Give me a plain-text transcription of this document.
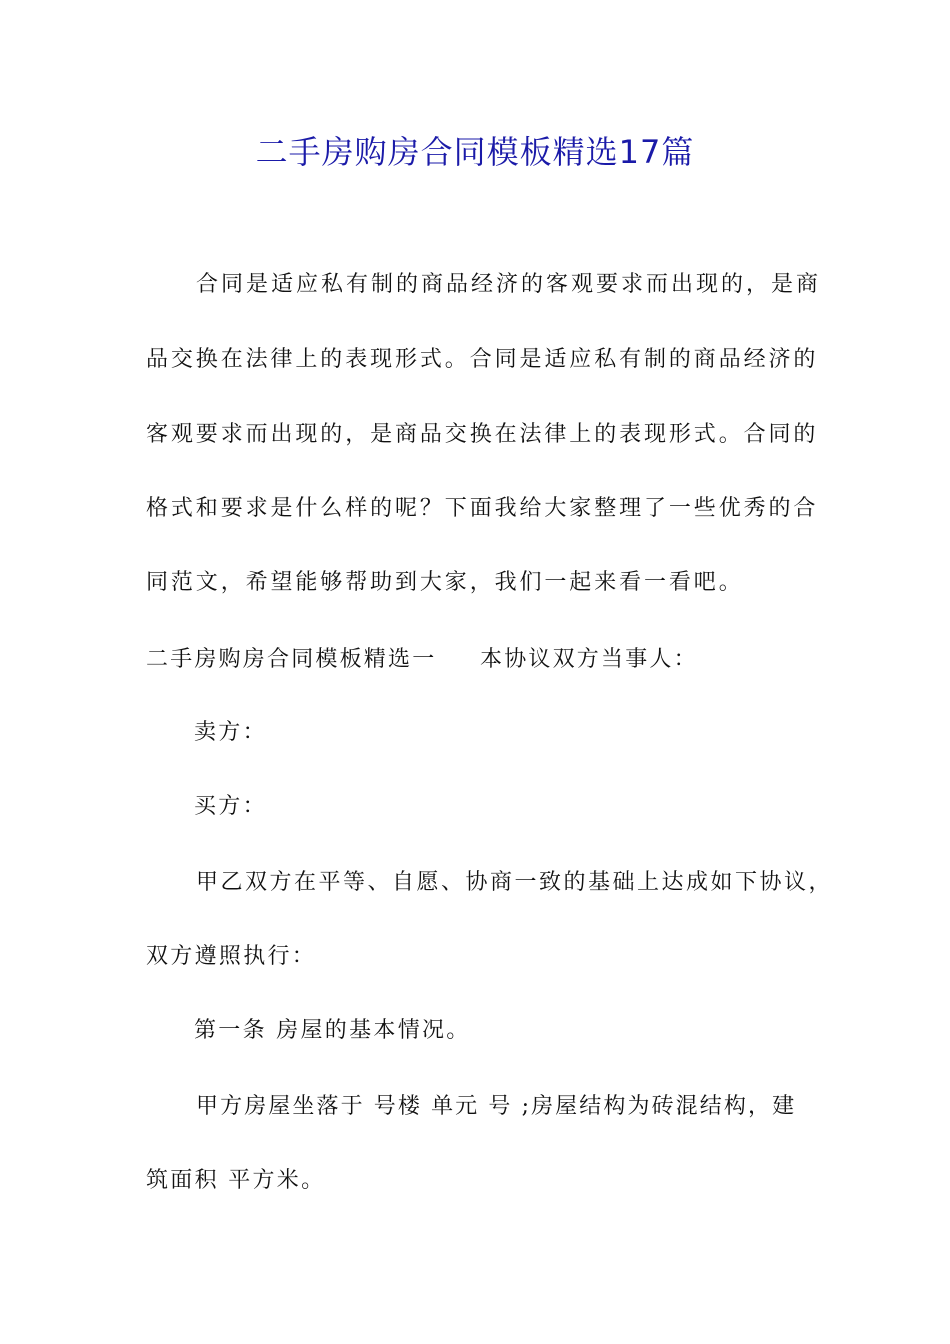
二手房购房合同模板精选17篇
合同是适应私有制的商品经济的客观要求而出现的，是商
品交换在法律上的表现形式。合同是适应私有制的商品经济的
客观要求而出现的，是商品交换在法律上的表现形式。合同的
格式和要求是什么样的呢？下面我给大家整理了一些优秀的合
同范文，希望能够帮助到大家，我们一起来看一看吧。
二手房购房合同模板精选一 本协议双方当事人：
卖方：
买方：
甲乙双方在平等、自愿、协商一致的基础上达成如下协议，
双方遵照执行：
第一条 房屋的基本情况。
甲方房屋坐落于 号楼 单元 号 ;房屋结构为砖混结构，建
筑面积 平方米。
